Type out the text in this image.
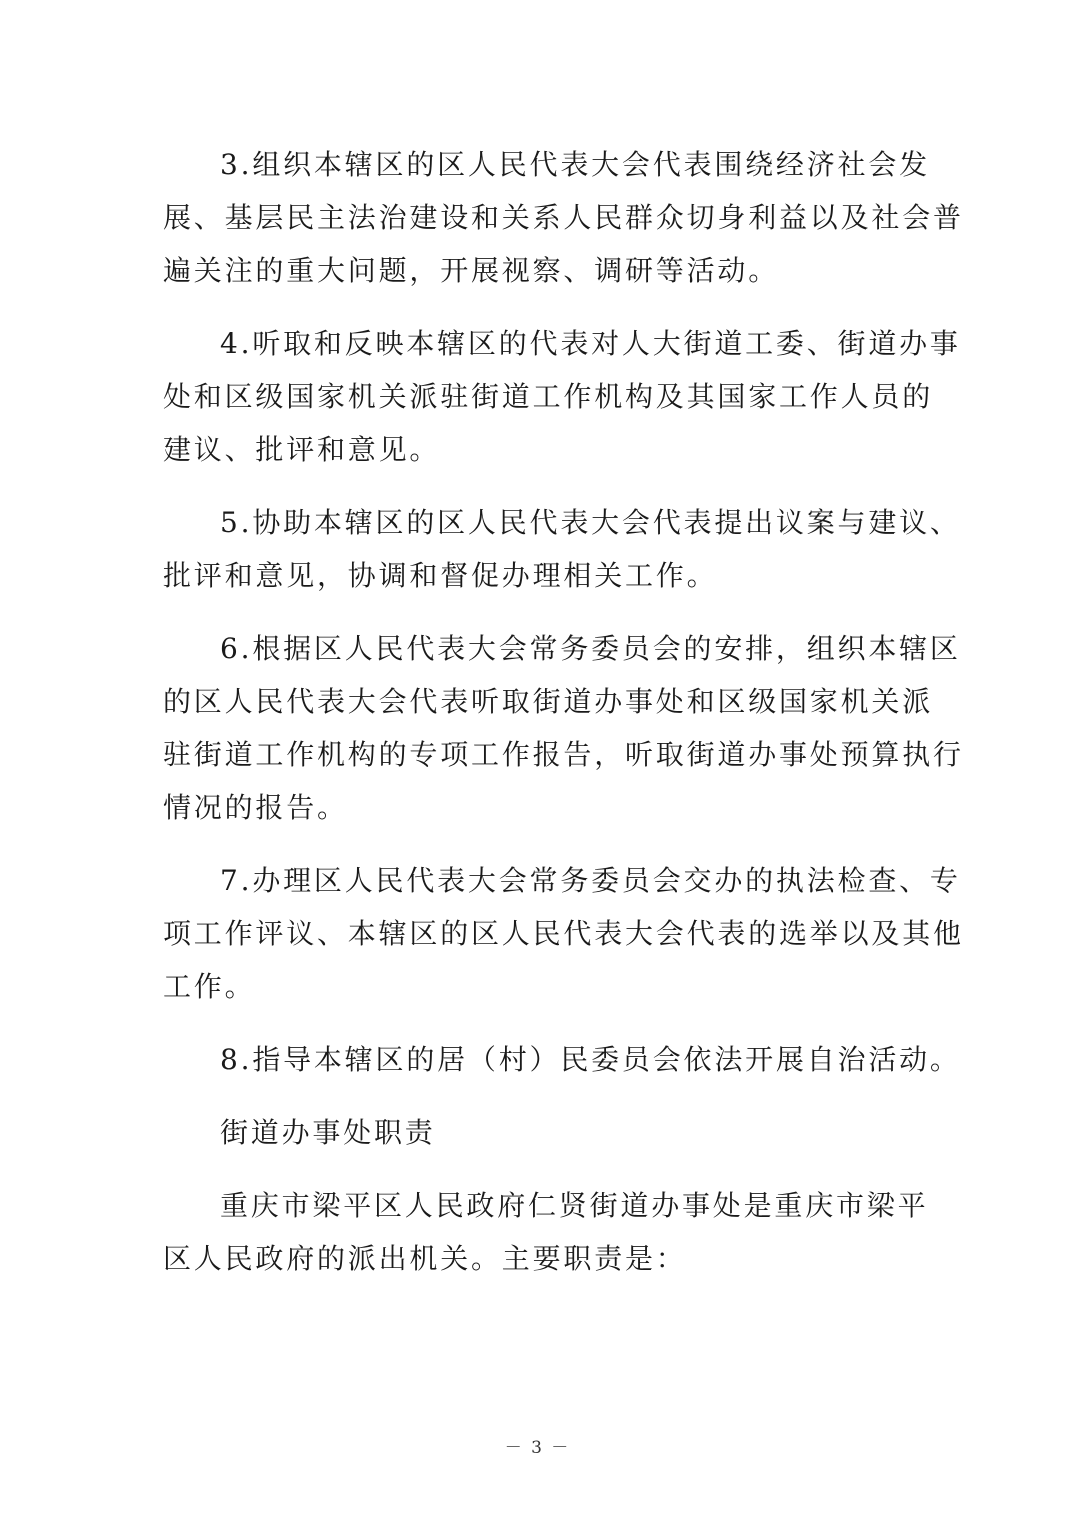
3.组织本辖区的区人民代表大会代表围绕经济社会发
展、基层民主法治建设和关系人民群众切身利益以及社会普
遍关注的重大问题，开展视察、调研等活动。

4.听取和反映本辖区的代表对人大街道工委、街道办事
处和区级国家机关派驻街道工作机构及其国家工作人员的
建议、批评和意见。

5.协助本辖区的区人民代表大会代表提出议案与建议、
批评和意见，协调和督促办理相关工作。

6.根据区人民代表大会常务委员会的安排，组织本辖区
的区人民代表大会代表听取街道办事处和区级国家机关派
驻街道工作机构的专项工作报告，听取街道办事处预算执行
情况的报告。

7.办理区人民代表大会常务委员会交办的执法检查、专
项工作评议、本辖区的区人民代表大会代表的选举以及其他
工作。

8.指导本辖区的居（村）民委员会依法开展自治活动。

街道办事处职责

重庆市梁平区人民政府仁贤街道办事处是重庆市梁平
区人民政府的派出机关。主要职责是：

－ 3 －
